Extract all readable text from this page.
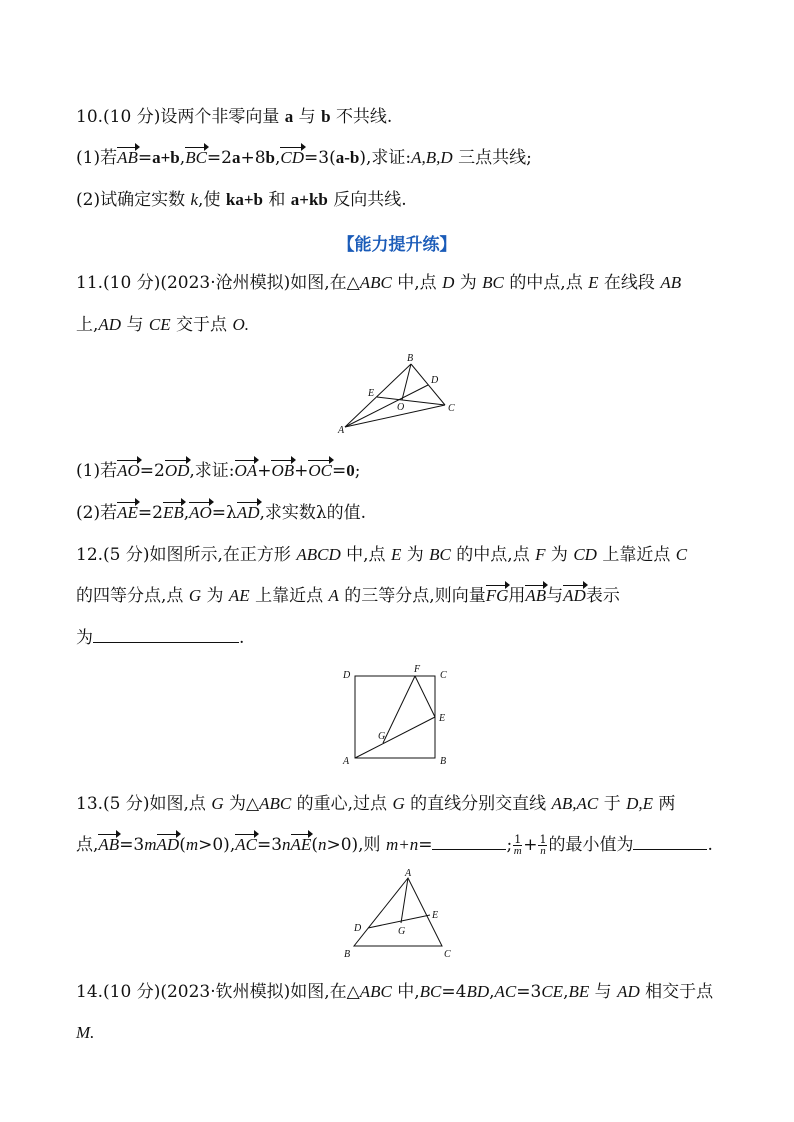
10.(10 分)设两个非零向量 a 与 b 不共线.
(1)若AB=a+b,BC=2a+8b,CD=3(a-b),求证:A,B,D 三点共线;
(2)试确定实数 k,使 ka+b 和 a+kb 反向共线.
【能力提升练】
11.(10 分)(2023·沧州模拟)如图,在△ABC 中,点 D 为 BC 的中点,点 E 在线段 AB
上,AD 与 CE 交于点 O.
B
D
E
O	C
A
(1)若AO=2OD,求证:OA+OB+OC=0;
(2)若AE=2EB,AO=λAD,求实数λ的值.
12.(5 分)如图所示,在正方形 ABCD 中,点 E 为 BC 的中点,点 F 为 CD 上靠近点 C
的四等分点,点 G 为 AE 上靠近点 A 的三等分点,则向量FG用AB与AD表示
为	.
D
F
C
E
G
A	B
13.(5 分)如图,点 G 为△ABC 的重心,过点 G 的直线分别交直线 AB,AC 于 D,E 两
点,AB=3mAD(m>0),AC=3nAE(n>0),则 m+n=	; $\frac{1}{m} + \frac{1}{n}$ 的最小值为	.
A
E
D	G
B	C
14.(10 分)(2023·钦州模拟)如图,在△ABC 中,BC=4BD,AC=3CE,BE 与 AD 相交于点
M.
